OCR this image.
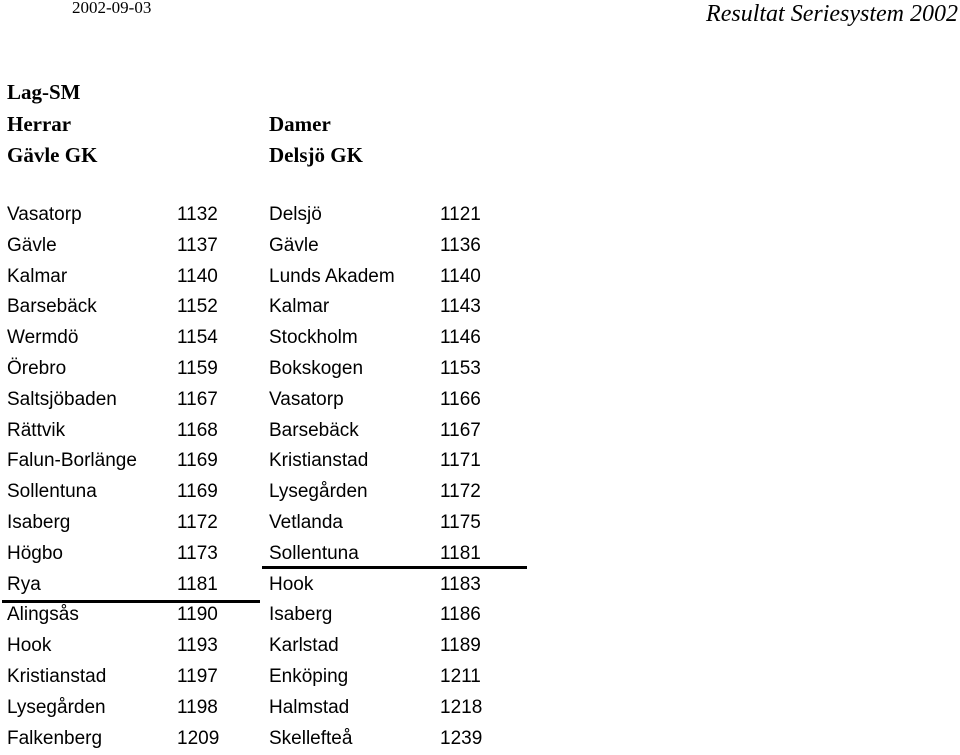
2002-09-03	Resultat Seriesystem 2002
Lag-SM
Herrar	Damer
Gävle GK	Delsjö GK
Vasatorp	1132	Delsjö	1121
Gävle	1137	Gävle	1136
Kalmar	1140	Lunds Akadem 1140
Barsebäck	1152	Kalmar	1143
Wermdö	1154	Stockholm	1146
Örebro	1159	Bokskogen	1153
Saltsjöbaden	1167	Vasatorp	1166
Rättvik	1168	Barsebäck	1167
Falun-Borlänge 1169	Kristianstad	1171
Sollentuna	1169	Lysegården	1172
Isaberg	1172	Vetlanda	1175
Högbo	1173	Sollentuna	1181
Rya	1181	Hook	1183
Alingsås	1190	Isaberg	1186
Hook	1193	Karlstad	1189
Kristianstad	1197	Enköping	1211
Lysegården	1198	Halmstad	1218
Falkenberg	1209	Skellefteå	1239
